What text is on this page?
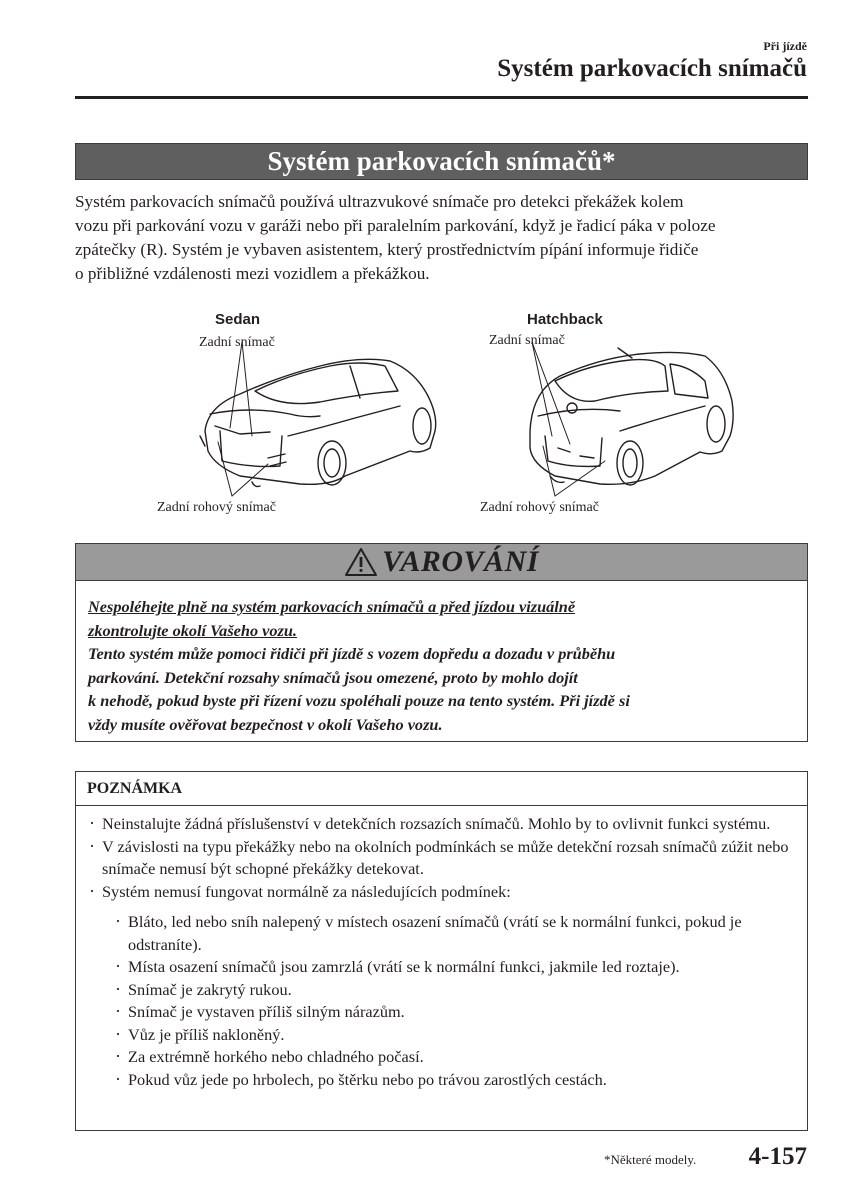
Při jízdě
Systém parkovacích snímačů
Systém parkovacích snímačů*

Systém parkovacích snímačů používá ultrazvukové snímače pro detekci překážek kolem

vozu při parkování vozu v garáži nebo při paralelním parkování, když je řadicí páka v poloze

zpátečky (R). Systém je vybaven asistentem, který prostřednictvím pípání informuje řidiče

o přibližné vzdálenosti mezi vozidlem a překážkou.

Sedan
Zadní snímač
Zadní rohový snímač
Hatchback
Zadní snímač
Zadní rohový snímač
VAROVÁNÍ

Nespoléhejte plně na systém parkovacích snímačů a před jízdou vizuálně

zkontrolujte okolí Vašeho vozu.

Tento systém může pomoci řidiči při jízdě s vozem dopředu a dozadu v průběhu

parkování. Detekční rozsahy snímačů jsou omezené, proto by mohlo dojít

k nehodě, pokud byste při řízení vozu spoléhali pouze na tento systém. Při jízdě si

vždy musíte ověřovat bezpečnost v okolí Vašeho vozu.

POZNÁMKA
· Neinstalujte žádná příslušenství v detekčních rozsazích snímačů. Mohlo by to ovlivnit funkci systému.
· V závislosti na typu překážky nebo na okolních podmínkách se může detekční rozsah snímačů zúžit nebo snímače nemusí být schopné překážky detekovat.
· Systém nemusí fungovat normálně za následujících podmínek:
· Bláto, led nebo sníh nalepený v místech osazení snímačů (vrátí se k normální funkci, pokud je odstraníte).
· Místa osazení snímačů jsou zamrzlá (vrátí se k normální funkci, jakmile led roztaje).
· Snímač je zakrytý rukou.
· Snímač je vystaven příliš silným nárazům.
· Vůz je příliš nakloněný.
· Za extrémně horkého nebo chladného počasí.
· Pokud vůz jede po hrbolech, po štěrku nebo po trávou zarostlých cestách.
*Některé modely. 4-157
